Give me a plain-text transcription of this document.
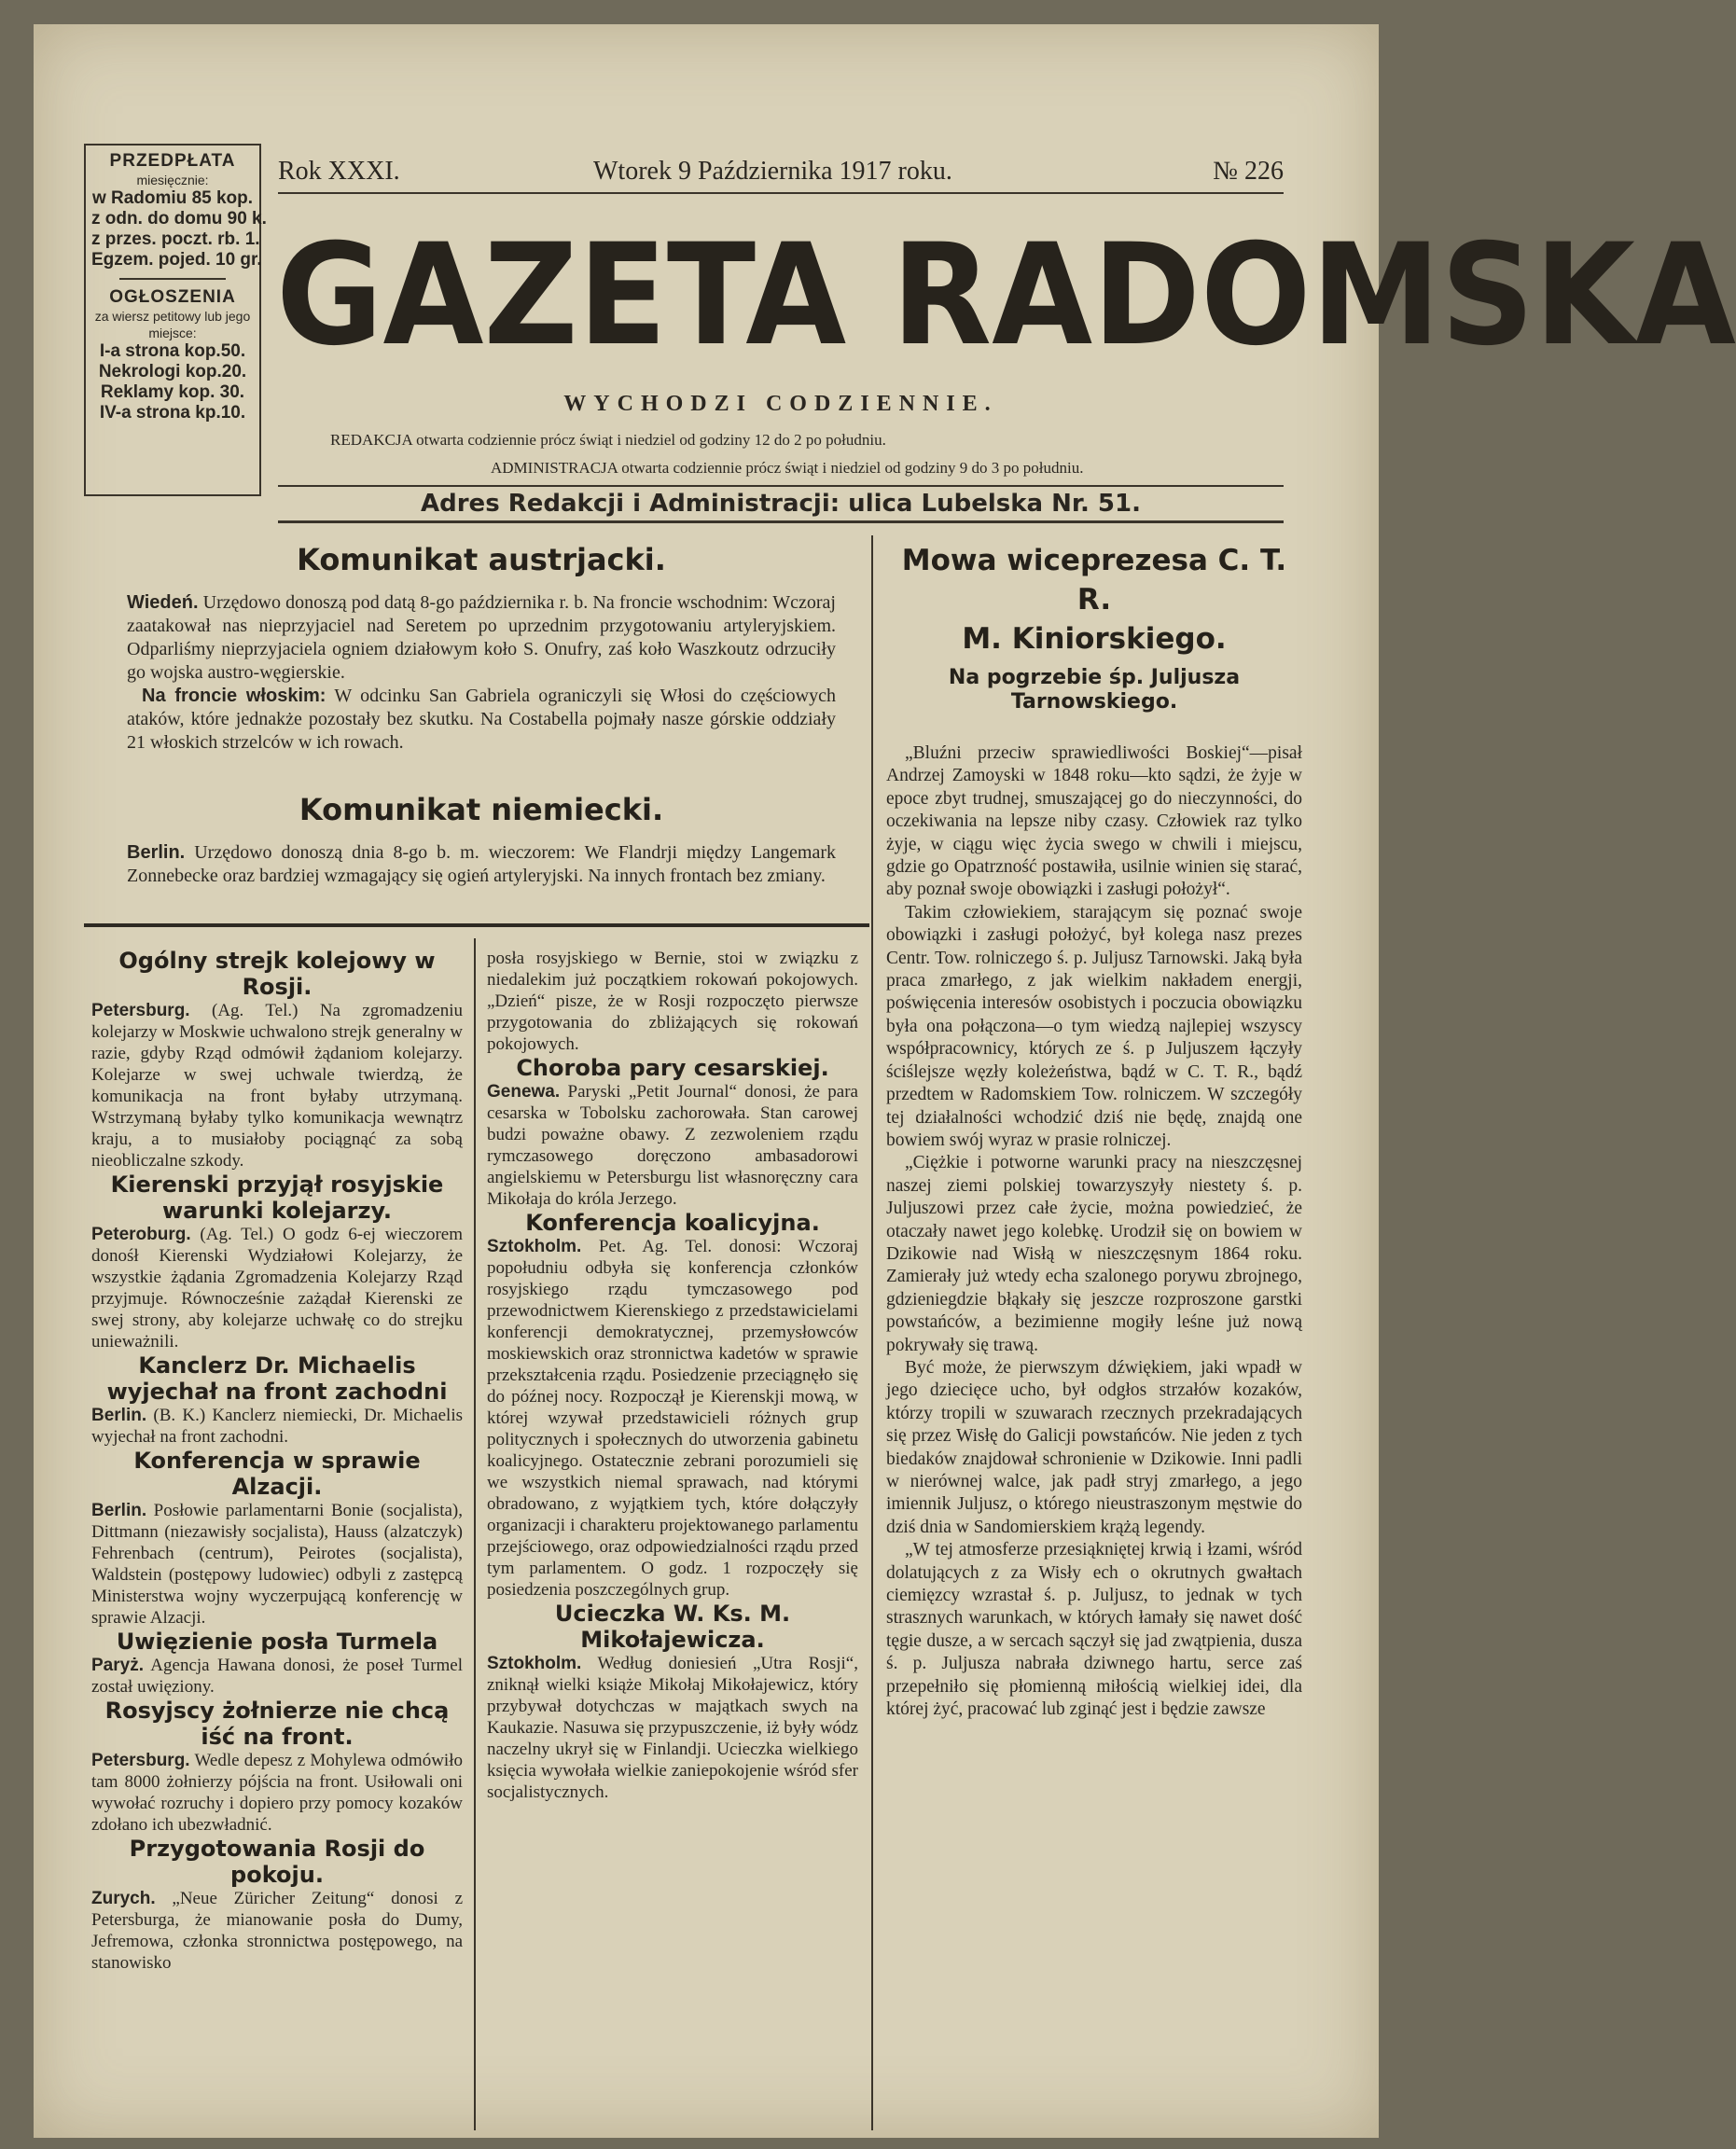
PRZEDPŁATA
miesięcznie:
w Radomiu 85 kop.
z odn. do domu 90 k.
z przes. poczt. rb. 1.
Egzem. pojed. 10 gr.
OGŁOSZENIA
za wiersz petitowy lub jego miejsce:
I-a strona kop.50.
Nekrologi kop.20.
Reklamy kop. 30.
IV-a strona kp.10.
Rok XXXI.	Wtorek 9 Października 1917 roku.	№ 226
GAZETA RADOMSKA
WYCHODZI CODZIENNIE.
REDAKCJA otwarta codziennie prócz świąt i niedziel od godziny 12 do 2 po południu.
ADMINISTRACJA otwarta codziennie prócz świąt i niedziel od godziny 9 do 3 po południu.
Adres Redakcji i Administracji: ulica Lubelska Nr. 51.
Komunikat austrjacki.

Wiedeń. Urzędowo donoszą pod datą 8-go października r. b. Na froncie wschodnim: Wczoraj zaatakował nas nieprzyjaciel nad Seretem po uprzednim przygotowaniu artyleryjskiem. Odparliśmy nieprzyjaciela ogniem działowym koło S. Onufry, zaś koło Waszkoutz odrzuciły go wojska austro-węgierskie.

Na froncie włoskim: W odcinku San Gabriela ograniczyli się Włosi do częściowych ataków, które jednakże pozostały bez skutku. Na Costabella pojmały nasze górskie oddziały 21 włoskich strzelców w ich rowach.

Komunikat niemiecki.

Berlin. Urzędowo donoszą dnia 8-go b. m. wieczorem: We Flandrji między Langemark Zonnebecke oraz bardziej wzmagający się ogień artyleryjski. Na innych frontach bez zmiany.

Ogólny strejk kolejowy w Rosji.

Petersburg. (Ag. Tel.) Na zgromadzeniu kolejarzy w Moskwie uchwalono strejk generalny w razie, gdyby Rząd odmówił żądaniom kolejarzy. Kolejarze w swej uchwale twierdzą, że komunikacja na front byłaby utrzymaną. Wstrzymaną byłaby tylko komunikacja wewnątrz kraju, a to musiałoby pociągnąć za sobą nieobliczalne szkody.

Kierenski przyjął rosyjskie warunki kolejarzy.

Peteroburg. (Ag. Tel.) O godz 6-ej wieczorem donośł Kierenski Wydziałowi Kolejarzy, że wszystkie żądania Zgromadzenia Kolejarzy Rząd przyjmuje. Równocześnie zażądał Kierenski ze swej strony, aby kolejarze uchwałę co do strejku unieważnili.

Kanclerz Dr. Michaelis wyjechał na front zachodni

Berlin. (B. K.) Kanclerz niemiecki, Dr. Michaelis wyjechał na front zachodni.

Konferencja w sprawie Alzacji.

Berlin. Posłowie parlamentarni Bonie (socjalista), Dittmann (niezawisły socjalista), Hauss (alzatczyk) Fehrenbach (centrum), Peirotes (socjalista), Waldstein (postępowy ludowiec) odbyli z zastępcą Ministerstwa wojny wyczerpującą konferencję w sprawie Alzacji.

Uwięzienie posła Turmela

Paryż. Agencja Hawana donosi, że poseł Turmel został uwięziony.

Rosyjscy żołnierze nie chcą iść na front.

Petersburg. Wedle depesz z Mohylewa odmówiło tam 8000 żołnierzy pójścia na front. Usiłowali oni wywołać rozruchy i dopiero przy pomocy kozaków zdołano ich ubezwładnić.

Przygotowania Rosji do pokoju.

Zurych. „Neue Züricher Zeitung“ donosi z Petersburga, że mianowanie posła do Dumy, Jefremowa, członka stronnictwa postępowego, na stanowisko

posła rosyjskiego w Bernie, stoi w związku z niedalekim już początkiem rokowań pokojowych. „Dzień“ pisze, że w Rosji rozpoczęto pierwsze przygotowania do zbliżających się rokowań pokojowych.

Choroba pary cesarskiej.

Genewa. Paryski „Petit Journal“ donosi, że para cesarska w Tobolsku zachorowała. Stan carowej budzi poważne obawy. Z zezwoleniem rządu rymczasowego doręczono ambasadorowi angielskiemu w Petersburgu list własnoręczny cara Mikołaja do króla Jerzego.

Konferencja koalicyjna.

Sztokholm. Pet. Ag. Tel. donosi: Wczoraj popołudniu odbyła się konferencja członków rosyjskiego rządu tymczasowego pod przewodnictwem Kierenskiego z przedstawicielami konferencji demokratycznej, przemysłowców moskiewskich oraz stronnictwa kadetów w sprawie przekształcenia rządu. Posiedzenie przeciągnęło się do późnej nocy. Rozpoczął je Kierenskji mową, w której wzywał przedstawicieli różnych grup politycznych i społecznych do utworzenia gabinetu koalicyjnego. Ostatecznie zebrani porozumieli się we wszystkich niemal sprawach, nad którymi obradowano, z wyjątkiem tych, które dołączyły organizacji i charakteru projektowanego parlamentu przejściowego, oraz odpowiedzialności rządu przed tym parlamentem. O godz. 1 rozpoczęły się posiedzenia poszczególnych grup.

Ucieczka W. Ks. M. Mikołajewicza.

Sztokholm. Według doniesień „Utra Rosji“, zniknął wielki książe Mikołaj Mikołajewicz, który przybywał dotychczas w majątkach swych na Kaukazie. Nasuwa się przypuszczenie, iż były wódz naczelny ukrył się w Finlandji. Ucieczka wielkiego księcia wywołała wielkie zaniepokojenie wśród sfer socjalistycznych.

Mowa wiceprezesa C. T. R.
M. Kiniorskiego.
Na pogrzebie śp. Juljusza Tarnowskiego.

„Bluźni przeciw sprawiedliwości Boskiej“—pisał Andrzej Zamoyski w 1848 roku—kto sądzi, że żyje w epoce zbyt trudnej, smuszającej go do nieczynności, do oczekiwania na lepsze niby czasy. Człowiek raz tylko żyje, w ciągu więc życia swego w chwili i miejscu, gdzie go Opatrzność postawiła, usilnie winien się starać, aby poznał swoje obowiązki i zasługi położył“.

Takim człowiekiem, starającym się poznać swoje obowiązki i zasługi położyć, był kolega nasz prezes Centr. Tow. rolniczego ś. p. Juljusz Tarnowski. Jaką była praca zmarłego, z jak wielkim nakładem energji, poświęcenia interesów osobistych i poczucia obowiązku była ona połączona—o tym wiedzą najlepiej wszyscy współpracownicy, których ze ś. p Juljuszem łączyły ściślejsze węzły koleżeństwa, bądź w C. T. R., bądź przedtem w Radomskiem Tow. rolniczem. W szczegóły tej działalności wchodzić dziś nie będę, znajdą one bowiem swój wyraz w prasie rolniczej.

„Ciężkie i potworne warunki pracy na nieszczęsnej naszej ziemi polskiej towarzyszyły niestety ś. p. Juljuszowi przez całe życie, można powiedzieć, że otaczały nawet jego kolebkę. Urodził się on bowiem w Dzikowie nad Wisłą w nieszczęsnym 1864 roku. Zamierały już wtedy echa szalonego porywu zbrojnego, gdzieniegdzie błąkały się jeszcze rozproszone garstki powstańców, a bezimienne mogiły leśne już nową pokrywały się trawą.

Być może, że pierwszym dźwiękiem, jaki wpadł w jego dziecięce ucho, był odgłos strzałów kozaków, którzy tropili w szuwarach rzecznych przekradających się przez Wisłę do Galicji powstańców. Nie jeden z tych biedaków znajdował schronienie w Dzikowie. Inni padli w nierównej walce, jak padł stryj zmarłego, a jego imiennik Juljusz, o którego nieustraszonym męstwie do dziś dnia w Sandomierskiem krążą legendy.

„W tej atmosferze przesiąkniętej krwią i łzami, wśród dolatujących z za Wisły ech o okrutnych gwałtach ciemięzcy wzrastał ś. p. Juljusz, to jednak w tych strasznych warunkach, w których łamały się nawet dość tęgie dusze, a w sercach sączył się jad zwątpienia, dusza ś. p. Juljusza nabrała dziwnego hartu, serce zaś przepełniło się płomienną miłością wielkiej idei, dla której żyć, pracować lub zginąć jest i będzie zawsze
